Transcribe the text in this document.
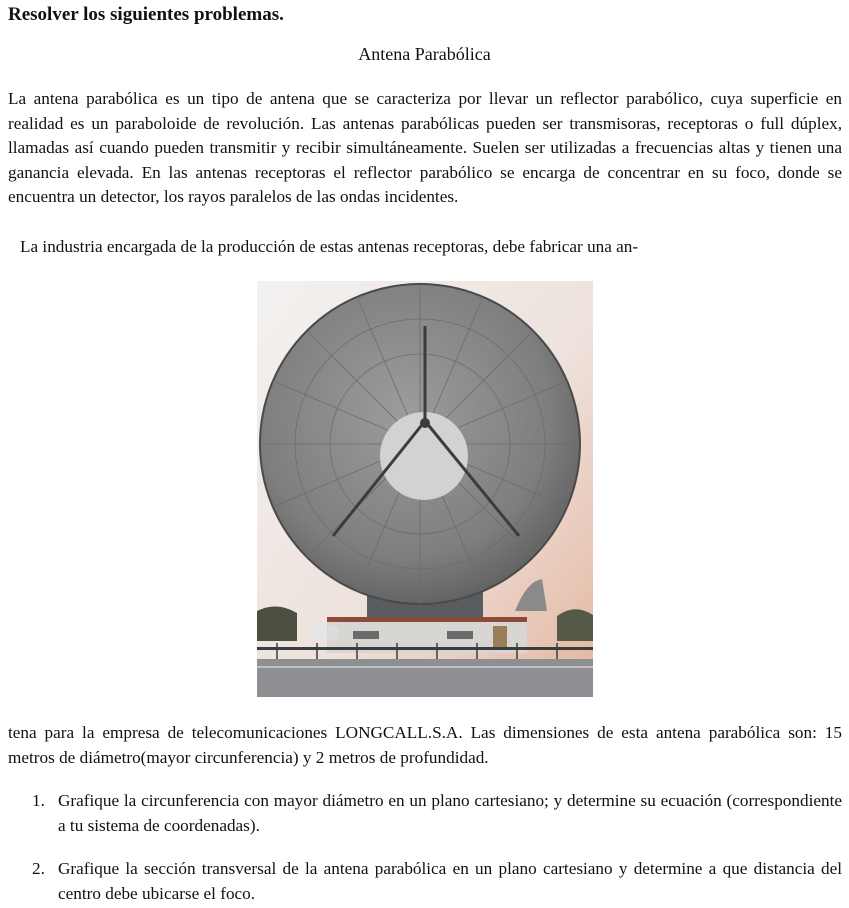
Resolver los siguientes problemas.
Antena Parabólica
La antena parabólica es un tipo de antena que se caracteriza por llevar un reflector parabólico, cuya superficie en realidad es un paraboloide de revolución. Las antenas parabólicas pueden ser transmisoras, receptoras o full dúplex, llamadas así cuando pueden transmitir y recibir simultáneamente. Suelen ser utilizadas a frecuencias altas y tienen una ganancia elevada. En las antenas receptoras el reflector parabólico se encarga de concentrar en su foco, donde se encuentra un detector, los rayos paralelos de las ondas incidentes.
La industria encargada de la producción de estas antenas receptoras, debe fabricar una an-
tena para la empresa de telecomunicaciones LONGCALL.S.A. Las dimensiones de esta antena parabólica son: 15 metros de diámetro(mayor circunferencia) y 2 metros de profundidad.
1. Grafique la circunferencia con mayor diámetro en un plano cartesiano; y determine su ecuación (correspondiente a tu sistema de coordenadas).
2. Grafique la sección transversal de la antena parabólica en un plano cartesiano y determine a que distancia del centro debe ubicarse el foco.
